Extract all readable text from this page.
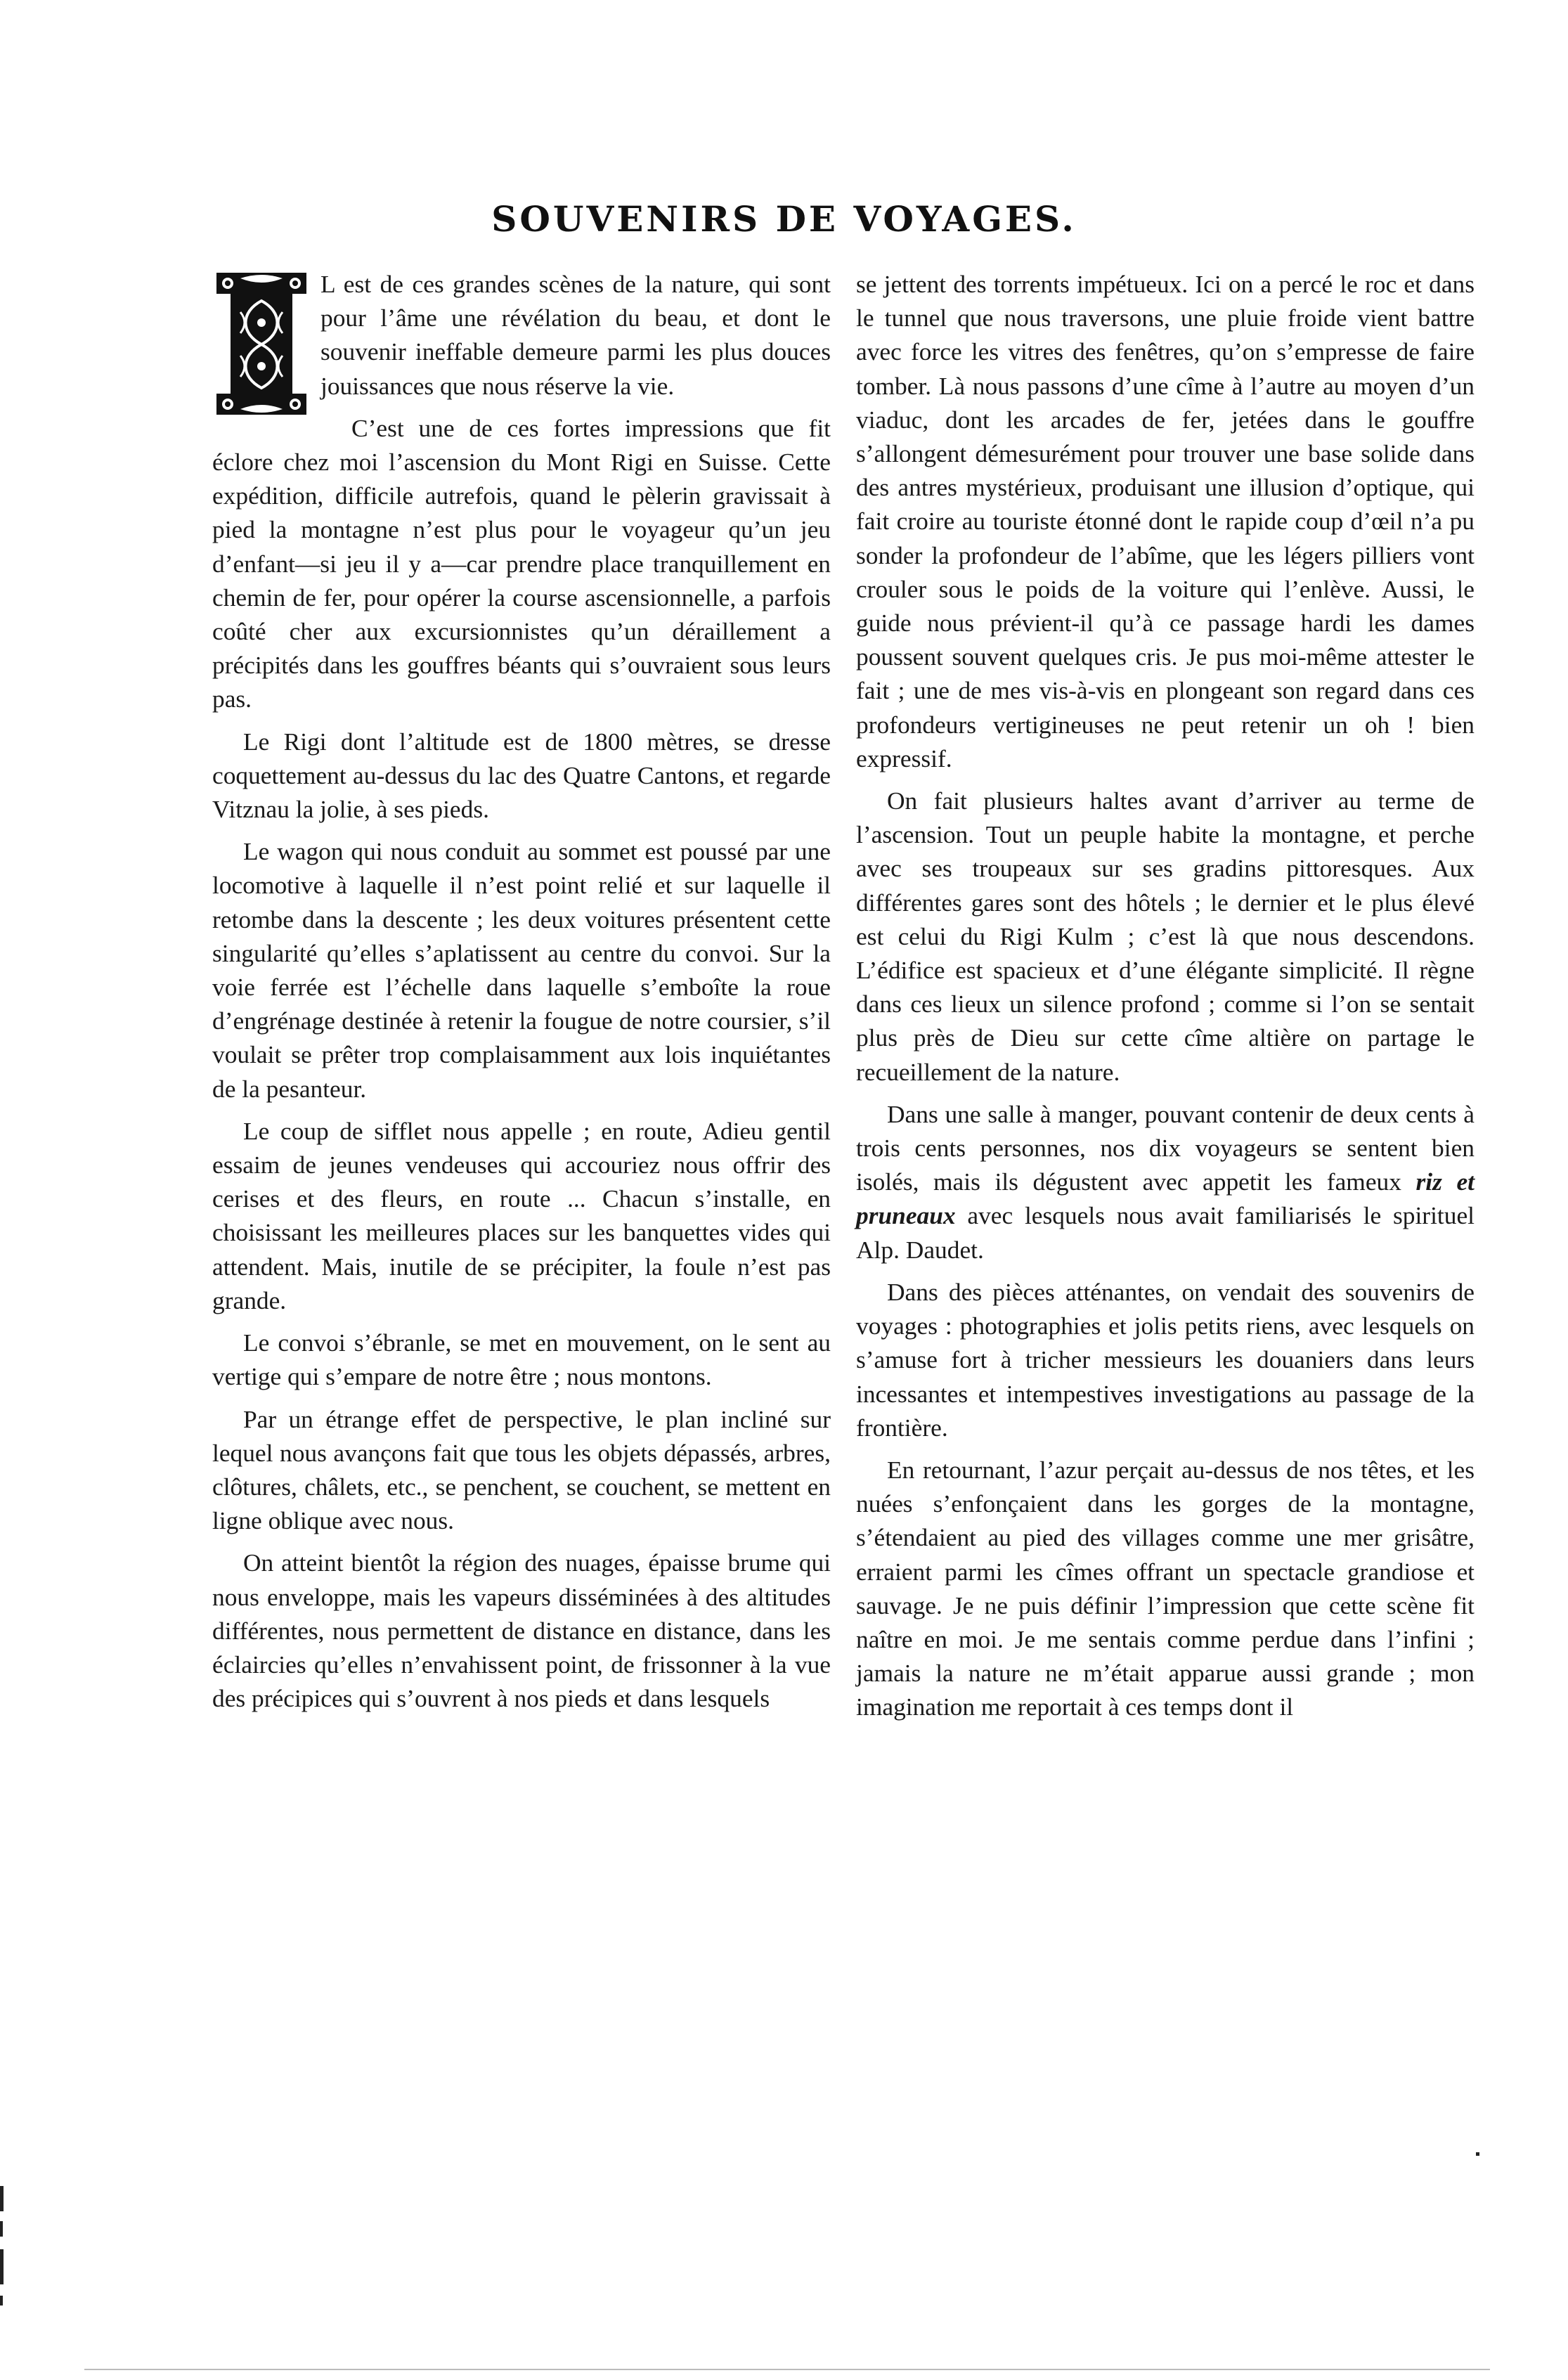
SOUVENIRS DE VOYAGES.

L est de ces grandes scènes de la nature, qui sont pour l’âme une révélation du beau, et dont le souvenir ineffable demeure parmi les plus douces jouissances que nous réserve la vie.

C’est une de ces fortes impressions que fit éclore chez moi l’ascension du Mont Rigi en Suisse. Cette expédition, difficile autrefois, quand le pèlerin gravissait à pied la montagne n’est plus pour le voyageur qu’un jeu d’enfant—si jeu il y a—car prendre place tranquillement en chemin de fer, pour opérer la course ascensionnelle, a parfois coûté cher aux excursionnistes qu’un déraillement a précipités dans les gouffres béants qui s’ouvraient sous leurs pas.

Le Rigi dont l’altitude est de 1800 mètres, se dresse coquettement au-dessus du lac des Quatre Cantons, et regarde Vitznau la jolie, à ses pieds.

Le wagon qui nous conduit au sommet est poussé par une locomotive à laquelle il n’est point relié et sur laquelle il retombe dans la descente ; les deux voitures présentent cette singularité qu’elles s’aplatissent au centre du convoi. Sur la voie ferrée est l’échelle dans laquelle s’emboîte la roue d’engrénage destinée à retenir la fougue de notre coursier, s’il voulait se prêter trop complaisamment aux lois inquiétantes de la pesanteur.

Le coup de sifflet nous appelle ; en route, Adieu gentil essaim de jeunes vendeuses qui accouriez nous offrir des cerises et des fleurs, en route ... Chacun s’installe, en choisissant les meilleures places sur les banquettes vides qui attendent. Mais, inutile de se précipiter, la foule n’est pas grande.

Le convoi s’ébranle, se met en mouvement, on le sent au vertige qui s’empare de notre être ; nous montons.

Par un étrange effet de perspective, le plan incliné sur lequel nous avançons fait que tous les objets dépassés, arbres, clôtures, châlets, etc., se penchent, se couchent, se mettent en ligne oblique avec nous.

On atteint bientôt la région des nuages, épaisse brume qui nous enveloppe, mais les vapeurs disséminées à des altitudes différentes, nous permettent de distance en distance, dans les éclaircies qu’elles n’envahissent point, de frissonner à la vue des précipices qui s’ouvrent à nos pieds et dans lesquels

se jettent des torrents impétueux. Ici on a percé le roc et dans le tunnel que nous traversons, une pluie froide vient battre avec force les vitres des fenêtres, qu’on s’empresse de faire tomber. Là nous passons d’une cîme à l’autre au moyen d’un viaduc, dont les arcades de fer, jetées dans le gouffre s’allongent démesurément pour trouver une base solide dans des antres mystérieux, produisant une illusion d’optique, qui fait croire au touriste étonné dont le rapide coup d’œil n’a pu sonder la profondeur de l’abîme, que les légers pilliers vont crouler sous le poids de la voiture qui l’enlève. Aussi, le guide nous prévient-il qu’à ce passage hardi les dames poussent souvent quelques cris. Je pus moi-même attester le fait ; une de mes vis-à-vis en plongeant son regard dans ces profondeurs vertigineuses ne peut retenir un oh ! bien expressif.

On fait plusieurs haltes avant d’arriver au terme de l’ascension. Tout un peuple habite la montagne, et perche avec ses troupeaux sur ses gradins pittoresques. Aux différentes gares sont des hôtels ; le dernier et le plus élevé est celui du Rigi Kulm ; c’est là que nous descendons. L’édifice est spacieux et d’une élégante simplicité. Il règne dans ces lieux un silence profond ; comme si l’on se sentait plus près de Dieu sur cette cîme altière on partage le recueillement de la nature.

Dans une salle à manger, pouvant contenir de deux cents à trois cents personnes, nos dix voyageurs se sentent bien isolés, mais ils dégustent avec appetit les fameux riz et pruneaux avec lesquels nous avait familiarisés le spirituel Alp. Daudet.

Dans des pièces atténantes, on vendait des souvenirs de voyages : photographies et jolis petits riens, avec lesquels on s’amuse fort à tricher messieurs les douaniers dans leurs incessantes et intempestives investigations au passage de la frontière.

En retournant, l’azur perçait au-dessus de nos têtes, et les nuées s’enfonçaient dans les gorges de la montagne, s’étendaient au pied des villages comme une mer grisâtre, erraient parmi les cîmes offrant un spectacle grandiose et sauvage. Je ne puis définir l’impression que cette scène fit naître en moi. Je me sentais comme perdue dans l’infini ; jamais la nature ne m’était apparue aussi grande ; mon imagination me reportait à ces temps dont il
